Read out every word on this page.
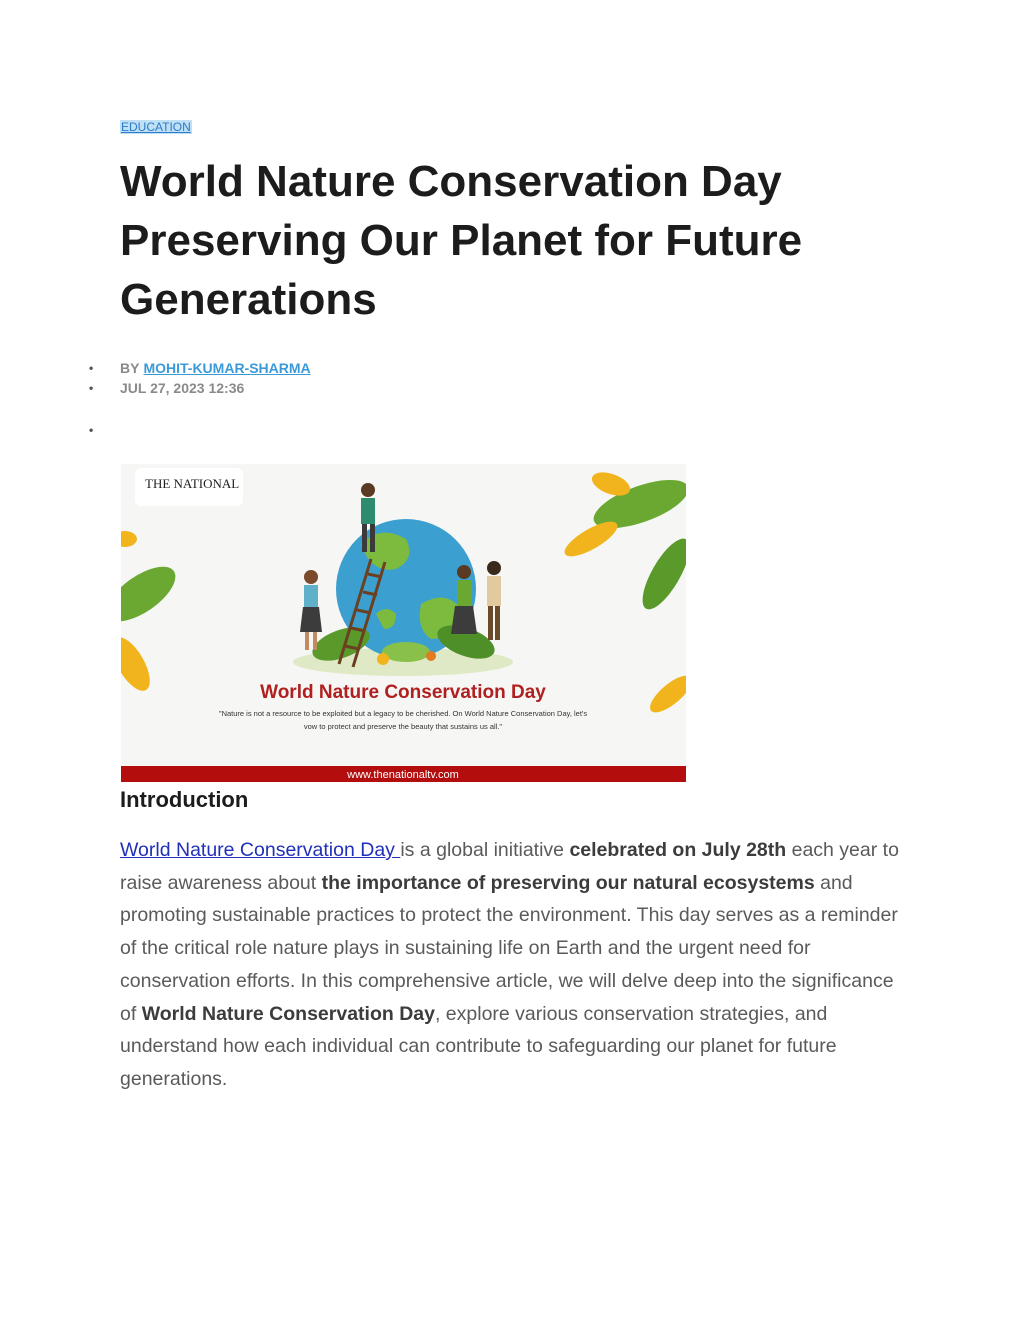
EDUCATION
World Nature Conservation Day Preserving Our Planet for Future Generations
• BY MOHIT-KUMAR-SHARMA
• JUL 27, 2023 12:36
•
THE NATIONAL
World Nature Conservation Day
"Nature is not a resource to be exploited but a legacy to be cherished. On World Nature Conservation Day, let's
vow to protect and preserve the beauty that sustains us all."
www.thenationaltv.com
Introduction

World Nature Conservation Day is a global initiative celebrated on July 28th each year to raise awareness about the importance of preserving our natural ecosystems and promoting sustainable practices to protect the environment. This day serves as a reminder of the critical role nature plays in sustaining life on Earth and the urgent need for conservation efforts. In this comprehensive article, we will delve deep into the significance of World Nature Conservation Day, explore various conservation strategies, and understand how each individual can contribute to safeguarding our planet for future generations.
